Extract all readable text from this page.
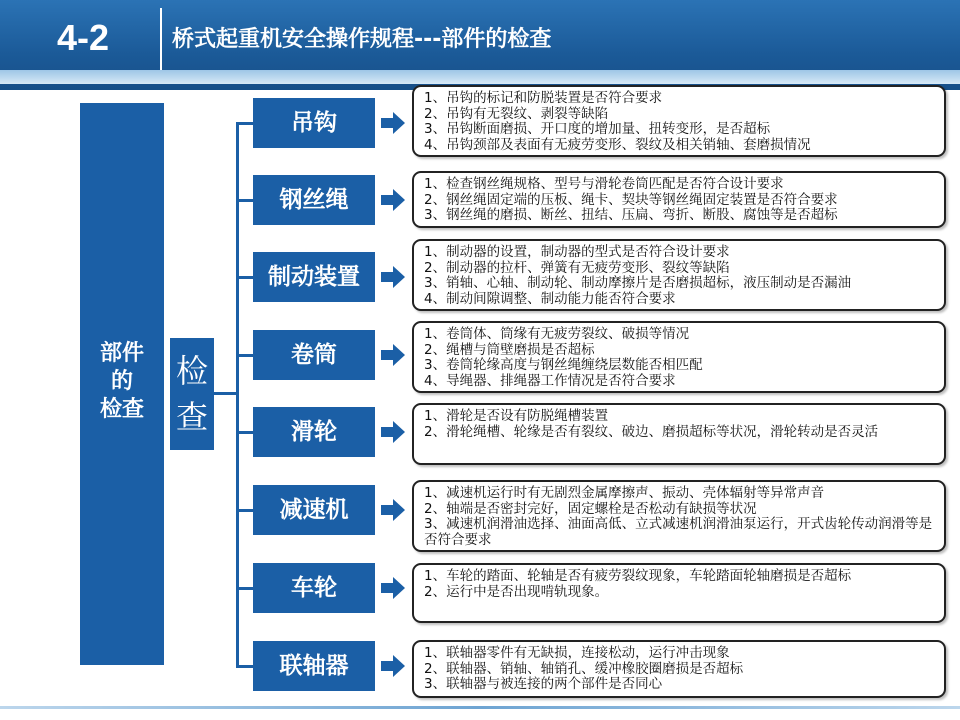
4-2	桥式起重机安全操作规程---部件的检查
部件
的
检查
检
查
吊钩
1、吊钩的标记和防脱装置是否符合要求
2、吊钩有无裂纹、剥裂等缺陷
3、吊钩断面磨损、开口度的增加量、扭转变形，是否超标
4、吊钩颈部及表面有无疲劳变形、裂纹及相关销轴、套磨损情况
钢丝绳
1、检查钢丝绳规格、型号与滑轮卷筒匹配是否符合设计要求
2、钢丝绳固定端的压板、绳卡、契块等钢丝绳固定装置是否符合要求
3、钢丝绳的磨损、断丝、扭结、压扁、弯折、断股、腐蚀等是否超标
制动装置
1、制动器的设置，制动器的型式是否符合设计要求
2、制动器的拉杆、弹簧有无疲劳变形、裂纹等缺陷
3、销轴、心轴、制动轮、制动摩擦片是否磨损超标，液压制动是否漏油
4、制动间隙调整、制动能力能否符合要求
卷筒
1、卷筒体、筒缘有无疲劳裂纹、破损等情况
2、绳槽与筒壁磨损是否超标
3、卷筒轮缘高度与钢丝绳缠绕层数能否相匹配
4、导绳器、排绳器工作情况是否符合要求
滑轮
1、滑轮是否设有防脱绳槽装置
2、滑轮绳槽、轮缘是否有裂纹、破边、磨损超标等状况，滑轮转动是否灵活
减速机
1、减速机运行时有无剧烈金属摩擦声、振动、壳体辐射等异常声音
2、轴端是否密封完好，固定螺栓是否松动有缺损等状况
3、减速机润滑油选择、油面高低、立式减速机润滑油泵运行，开式齿轮传动润滑等是否符合要求
车轮	1、车轮的踏面、轮轴是否有疲劳裂纹现象，车轮踏面轮轴磨损是否超标
2、运行中是否出现啃轨现象。
联轴器	1、联轴器零件有无缺损，连接松动，运行冲击现象
2、联轴器、销轴、轴销孔、缓冲橡胶圈磨损是否超标
3、联轴器与被连接的两个部件是否同心
